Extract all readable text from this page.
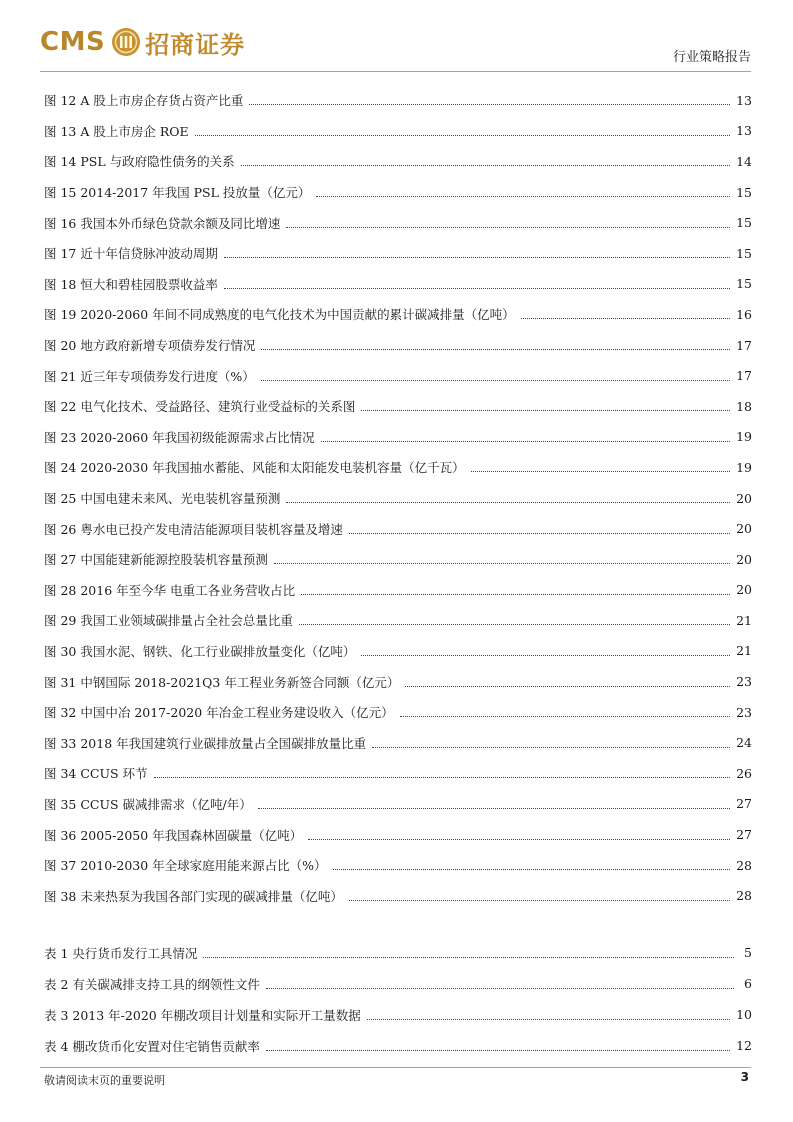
CMS 招商证券	行业策略报告
图 12 A 股上市房企存货占资产比重	13
图 13 A 股上市房企 ROE	13
图 14 PSL 与政府隐性债务的关系	14
图 15 2014-2017 年我国 PSL 投放量（亿元）	15
图 16 我国本外币绿色贷款余额及同比增速	15
图 17 近十年信贷脉冲波动周期	15
图 18 恒大和碧桂园股票收益率	15
图 19 2020-2060 年间不同成熟度的电气化技术为中国贡献的累计碳减排量（亿吨）	16
图 20 地方政府新增专项债券发行情况	17
图 21 近三年专项债券发行进度（%）	17
图 22 电气化技术、受益路径、建筑行业受益标的关系图	18
图 23 2020-2060 年我国初级能源需求占比情况	19
图 24 2020-2030 年我国抽水蓄能、风能和太阳能发电装机容量（亿千瓦）	19
图 25 中国电建未来风、光电装机容量预测	20
图 26 粤水电已投产发电清洁能源项目装机容量及增速	20
图 27 中国能建新能源控股装机容量预测	20
图 28 2016 年至今华 电重工各业务营收占比	20
图 29 我国工业领域碳排量占全社会总量比重	21
图 30 我国水泥、钢铁、化工行业碳排放量变化（亿吨）	21
图 31 中钢国际 2018-2021Q3 年工程业务新签合同额（亿元）	23
图 32 中国中冶 2017-2020 年冶金工程业务建设收入（亿元）	23
图 33 2018 年我国建筑行业碳排放量占全国碳排放量比重	24
图 34 CCUS 环节	26
图 35 CCUS 碳减排需求（亿吨/年）	27
图 36 2005-2050 年我国森林固碳量（亿吨）	27
图 37 2010-2030 年全球家庭用能来源占比（%）	28
图 38 未来热泵为我国各部门实现的碳减排量（亿吨）	28
表 1 央行货币发行工具情况	5
表 2 有关碳减排支持工具的纲领性文件	6
表 3 2013 年-2020 年棚改项目计划量和实际开工量数据	10
表 4 棚改货币化安置对住宅销售贡献率	12
敬请阅读末页的重要说明	3
